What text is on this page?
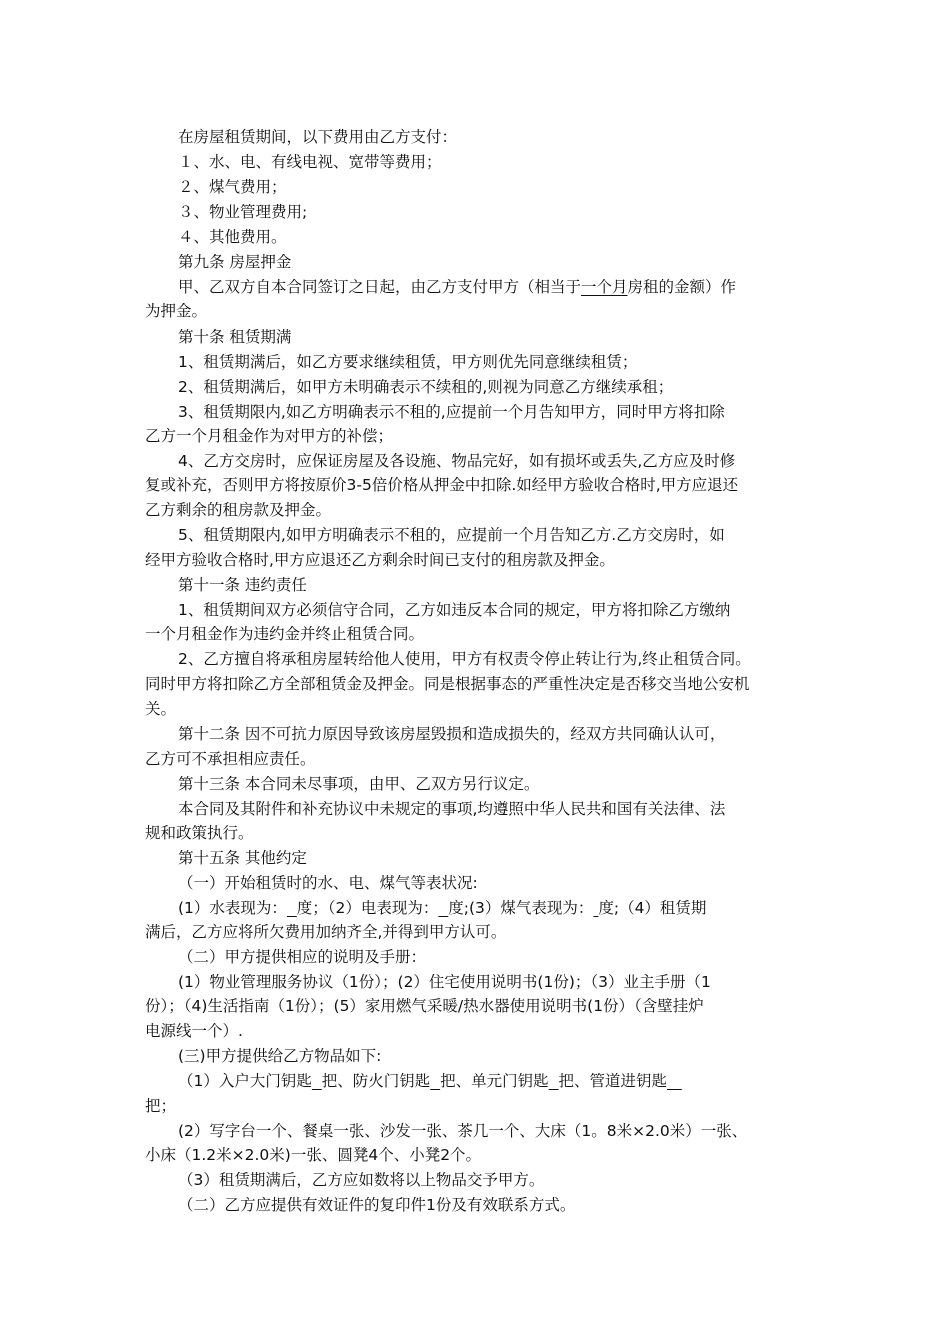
在房屋租赁期间，以下费用由乙方支付：
１、水、电、有线电视、宽带等费用；
２、煤气费用；
３、物业管理费用;
４、其他费用。
第九条 房屋押金
甲、乙双方自本合同签订之日起，由乙方支付甲方（相当于一个月房租的金额）作
为押金。
第十条 租赁期满
1、租赁期满后，如乙方要求继续租赁，甲方则优先同意继续租赁；
2、租赁期满后，如甲方未明确表示不续租的,则视为同意乙方继续承租；
3、租赁期限内,如乙方明确表示不租的,应提前一个月告知甲方，同时甲方将扣除
乙方一个月租金作为对甲方的补偿；
4、乙方交房时，应保证房屋及各设施、物品完好，如有损坏或丢失,乙方应及时修
复或补充，否则甲方将按原价3-5倍价格从押金中扣除.如经甲方验收合格时,甲方应退还
乙方剩余的租房款及押金。
5、租赁期限内,如甲方明确表示不租的，应提前一个月告知乙方.乙方交房时，如
经甲方验收合格时,甲方应退还乙方剩余时间已支付的租房款及押金。
第十一条 违约责任
1、租赁期间双方必须信守合同，乙方如违反本合同的规定，甲方将扣除乙方缴纳
一个月租金作为违约金并终止租赁合同。
2、乙方擅自将承租房屋转给他人使用，甲方有权责令停止转让行为,终止租赁合同。
同时甲方将扣除乙方全部租赁金及押金。同是根据事态的严重性决定是否移交当地公安机
关。
第十二条 因不可抗力原因导致该房屋毁损和造成损失的，经双方共同确认认可，
乙方可不承担相应责任。
第十三条 本合同未尽事项，由甲、乙双方另行议定。
本合同及其附件和补充协议中未规定的事项,均遵照中华人民共和国有关法律、法
规和政策执行。
第十五条 其他约定
（一）开始租赁时的水、电、煤气等表状况:
(1）水表现为： 度；（2）电表现为： 度;(3）煤气表现为： 度;（4）租赁期
满后，乙方应将所欠费用加纳齐全,并得到甲方认可。
（二）甲方提供相应的说明及手册：
(1）物业管理服务协议（1份）；(2）住宅使用说明书(1份)；（3）业主手册（1
份）；（4)生活指南（1份）；(5）家用燃气采暖/热水器使用说明书(1份）（含壁挂炉
电源线一个）.
(三)甲方提供给乙方物品如下:
（1）入户大门钥匙 把、防火门钥匙 把、单元门钥匙 把、管道进钥匙
把；
(2）写字台一个、餐桌一张、沙发一张、茶几一个、大床（1。8米×2.0米）一张、
小床（1.2米×2.0米)一张、圆凳4个、小凳2个。
（3）租赁期满后，乙方应如数将以上物品交予甲方。
（二）乙方应提供有效证件的复印件1份及有效联系方式。
